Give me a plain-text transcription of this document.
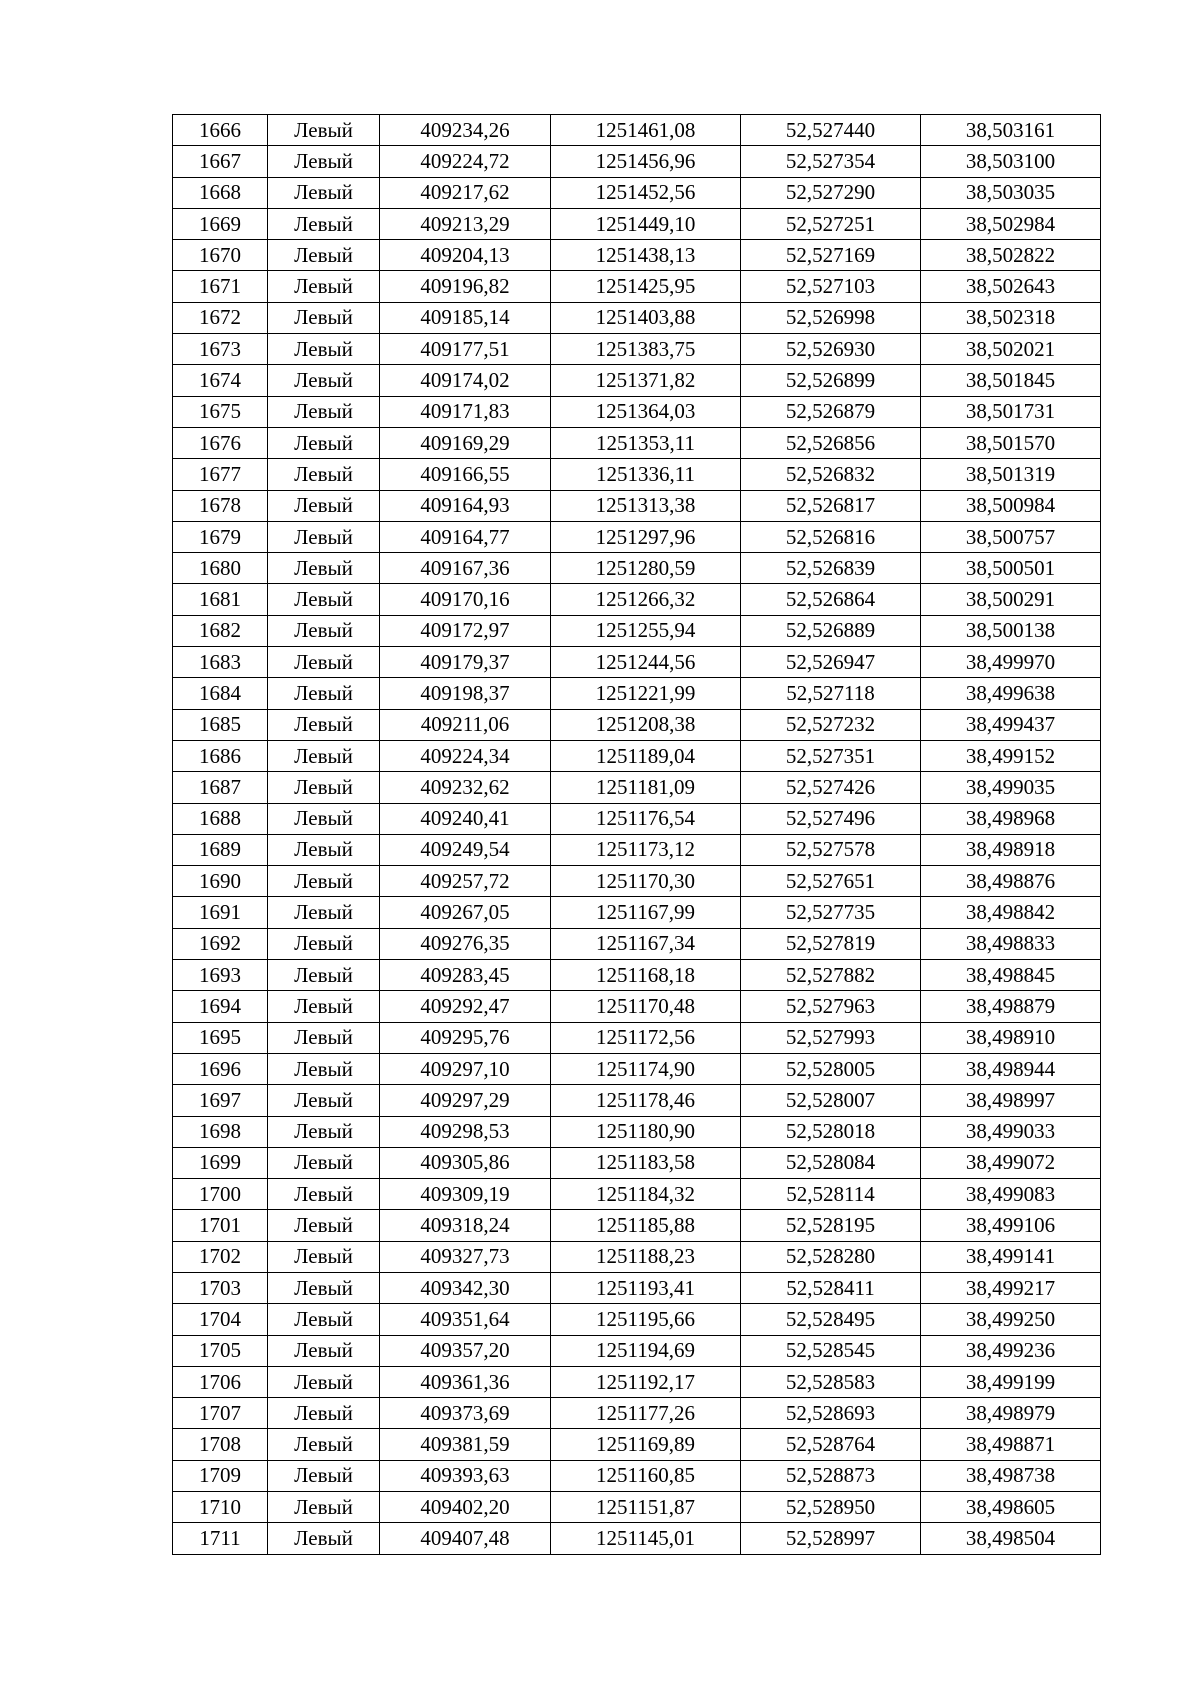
1666	Левый	409234,26	1251461,08	52,527440	38,503161
1667	Левый	409224,72	1251456,96	52,527354	38,503100
1668	Левый	409217,62	1251452,56	52,527290	38,503035
1669	Левый	409213,29	1251449,10	52,527251	38,502984
1670	Левый	409204,13	1251438,13	52,527169	38,502822
1671	Левый	409196,82	1251425,95	52,527103	38,502643
1672	Левый	409185,14	1251403,88	52,526998	38,502318
1673	Левый	409177,51	1251383,75	52,526930	38,502021
1674	Левый	409174,02	1251371,82	52,526899	38,501845
1675	Левый	409171,83	1251364,03	52,526879	38,501731
1676	Левый	409169,29	1251353,11	52,526856	38,501570
1677	Левый	409166,55	1251336,11	52,526832	38,501319
1678	Левый	409164,93	1251313,38	52,526817	38,500984
1679	Левый	409164,77	1251297,96	52,526816	38,500757
1680	Левый	409167,36	1251280,59	52,526839	38,500501
1681	Левый	409170,16	1251266,32	52,526864	38,500291
1682	Левый	409172,97	1251255,94	52,526889	38,500138
1683	Левый	409179,37	1251244,56	52,526947	38,499970
1684	Левый	409198,37	1251221,99	52,527118	38,499638
1685	Левый	409211,06	1251208,38	52,527232	38,499437
1686	Левый	409224,34	1251189,04	52,527351	38,499152
1687	Левый	409232,62	1251181,09	52,527426	38,499035
1688	Левый	409240,41	1251176,54	52,527496	38,498968
1689	Левый	409249,54	1251173,12	52,527578	38,498918
1690	Левый	409257,72	1251170,30	52,527651	38,498876
1691	Левый	409267,05	1251167,99	52,527735	38,498842
1692	Левый	409276,35	1251167,34	52,527819	38,498833
1693	Левый	409283,45	1251168,18	52,527882	38,498845
1694	Левый	409292,47	1251170,48	52,527963	38,498879
1695	Левый	409295,76	1251172,56	52,527993	38,498910
1696	Левый	409297,10	1251174,90	52,528005	38,498944
1697	Левый	409297,29	1251178,46	52,528007	38,498997
1698	Левый	409298,53	1251180,90	52,528018	38,499033
1699	Левый	409305,86	1251183,58	52,528084	38,499072
1700	Левый	409309,19	1251184,32	52,528114	38,499083
1701	Левый	409318,24	1251185,88	52,528195	38,499106
1702	Левый	409327,73	1251188,23	52,528280	38,499141
1703	Левый	409342,30	1251193,41	52,528411	38,499217
1704	Левый	409351,64	1251195,66	52,528495	38,499250
1705	Левый	409357,20	1251194,69	52,528545	38,499236
1706	Левый	409361,36	1251192,17	52,528583	38,499199
1707	Левый	409373,69	1251177,26	52,528693	38,498979
1708	Левый	409381,59	1251169,89	52,528764	38,498871
1709	Левый	409393,63	1251160,85	52,528873	38,498738
1710	Левый	409402,20	1251151,87	52,528950	38,498605
1711	Левый	409407,48	1251145,01	52,528997	38,498504
